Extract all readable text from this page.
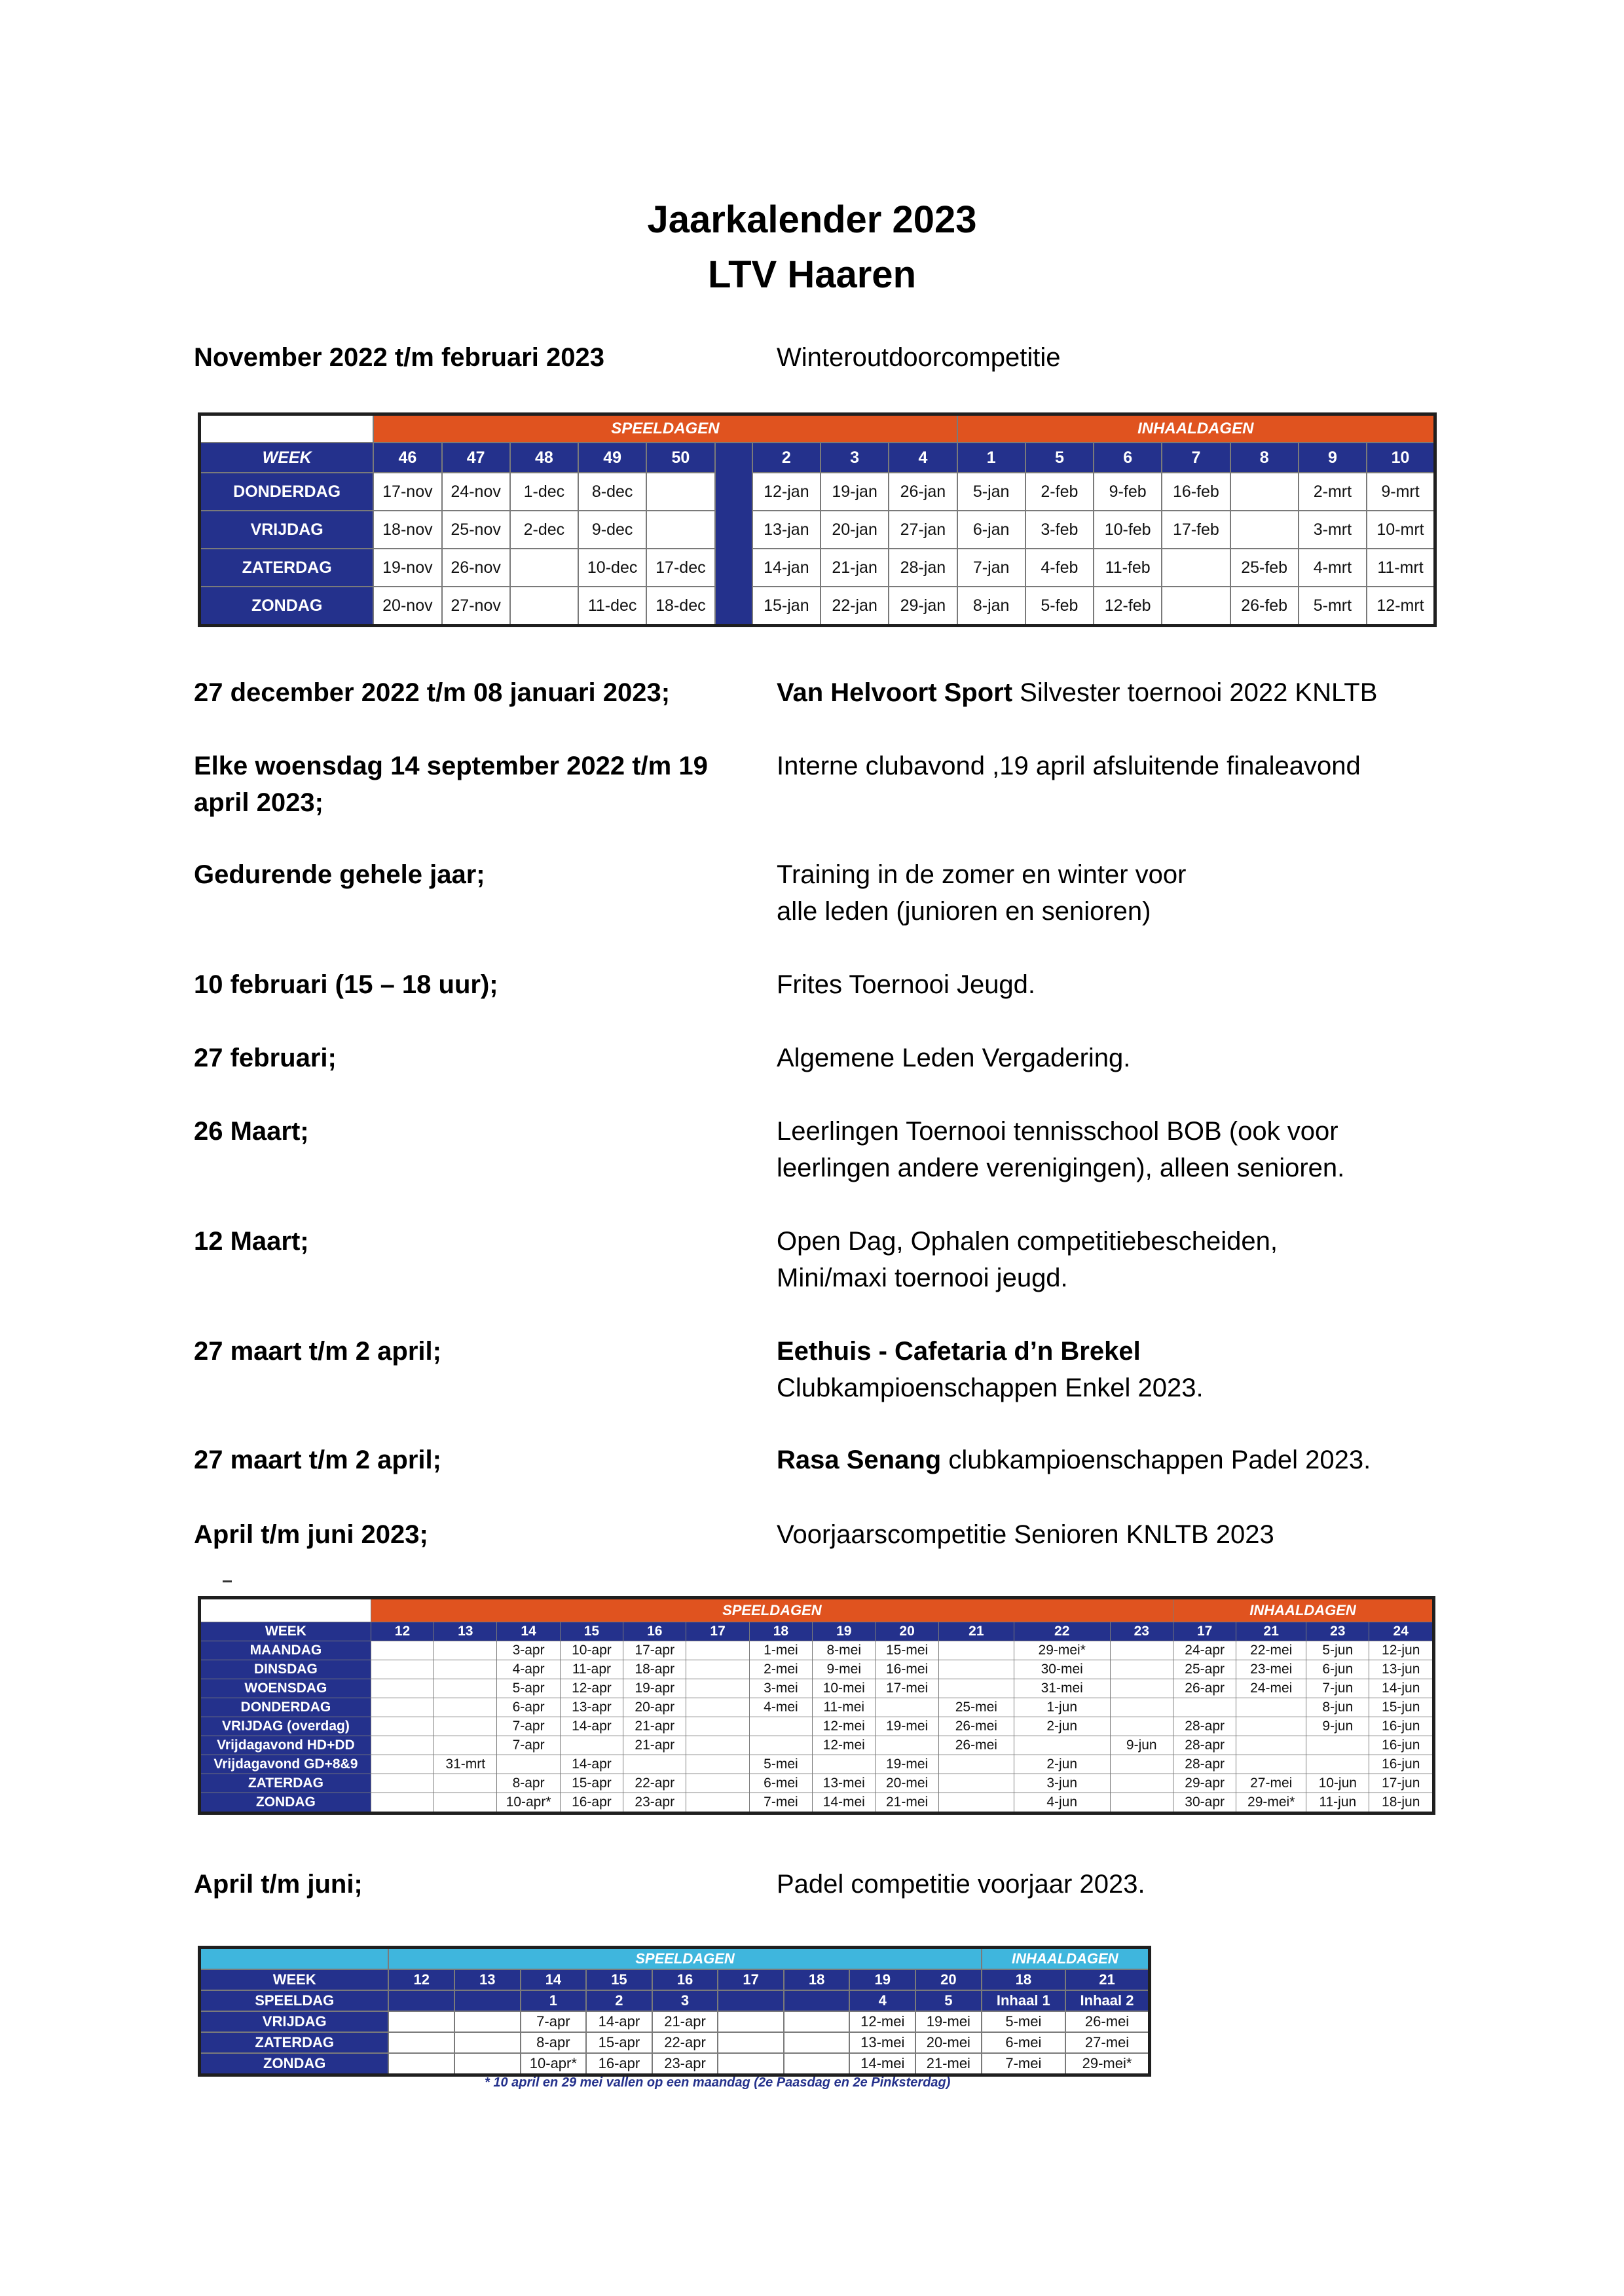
Jaarkalender 2023
LTV Haaren
November 2022 t/m februari 2023	Winteroutdoorcompetitie
27 december 2022 t/m 08 januari 2023;	Van Helvoort Sport Silvester toernooi 2022 KNLTB
Elke woensdag 14 september 2022 t/m 19 april 2023;
Interne clubavond ,19 april afsluitende finaleavond
Gedurende gehele jaar;	Training in de zomer en winter voor
alle leden (junioren en senioren)
10 februari (15 – 18 uur);	Frites Toernooi Jeugd.
27 februari;	Algemene Leden Vergadering.
26 Maart;	Leerlingen Toernooi tennisschool BOB (ook voor
leerlingen andere verenigingen), alleen senioren.
12 Maart;	Open Dag, Ophalen competitiebescheiden,
Mini/maxi toernooi jeugd.
27 maart t/m 2 april;	Eethuis - Cafetaria d’n Brekel
Clubkampioenschappen Enkel 2023.
27 maart t/m 2 april;	Rasa Senang clubkampioenschappen Padel 2023.
April t/m juni 2023;	Voorjaarscompetitie Senioren KNLTB 2023
April t/m juni;	Padel competitie voorjaar 2023.
	SPEELDAGEN									INHAALDAGEN						
WEEK	46	47	48	49	50		2	3	4	1	5	6	7	8	9	10
DONDERDAG	17-nov	24-nov	1-dec	8-dec			12-jan	19-jan	26-jan	5-jan	2-feb	9-feb	16-feb		2-mrt	9-mrt
VRIJDAG	18-nov	25-nov	2-dec	9-dec			13-jan	20-jan	27-jan	6-jan	3-feb	10-feb	17-feb		3-mrt	10-mrt
ZATERDAG	19-nov	26-nov		10-dec	17-dec		14-jan	21-jan	28-jan	7-jan	4-feb	11-feb		25-feb	4-mrt	11-mrt
ZONDAG	20-nov	27-nov		11-dec	18-dec		15-jan	22-jan	29-jan	8-jan	5-feb	12-feb		26-feb	5-mrt	12-mrt
	SPEELDAGEN												INHAALDAGEN			
WEEK	12	13	14	15	16	17	18	19	20	21	22	23	17	21	23	24
MAANDAG			3-apr	10-apr	17-apr		1-mei	8-mei	15-mei		29-mei*		24-apr	22-mei	5-jun	12-jun
DINSDAG			4-apr	11-apr	18-apr		2-mei	9-mei	16-mei		30-mei		25-apr	23-mei	6-jun	13-jun
WOENSDAG			5-apr	12-apr	19-apr		3-mei	10-mei	17-mei		31-mei		26-apr	24-mei	7-jun	14-jun
DONDERDAG			6-apr	13-apr	20-apr		4-mei	11-mei		25-mei	1-jun				8-jun	15-jun
VRIJDAG (overdag)			7-apr	14-apr	21-apr			12-mei	19-mei	26-mei	2-jun		28-apr		9-jun	16-jun
Vrijdagavond HD+DD			7-apr		21-apr			12-mei		26-mei		9-jun	28-apr			16-jun
Vrijdagavond GD+8&9		31-mrt		14-apr			5-mei		19-mei		2-jun		28-apr			16-jun
ZATERDAG			8-apr	15-apr	22-apr		6-mei	13-mei	20-mei		3-jun		29-apr	27-mei	10-jun	17-jun
ZONDAG			10-apr*	16-apr	23-apr		7-mei	14-mei	21-mei		4-jun		30-apr	29-mei*	11-jun	18-jun
	SPEELDAGEN									INHAALDAGEN	
WEEK	12	13	14	15	16	17	18	19	20	18	21
SPEELDAG			1	2	3			4	5	Inhaal 1	Inhaal 2
VRIJDAG			7-apr	14-apr	21-apr			12-mei	19-mei	5-mei	26-mei
ZATERDAG			8-apr	15-apr	22-apr			13-mei	20-mei	6-mei	27-mei
ZONDAG			10-apr*	16-apr	23-apr			14-mei	21-mei	7-mei	29-mei*
* 10 april en 29 mei vallen op een maandag (2e Paasdag en 2e Pinksterdag)
